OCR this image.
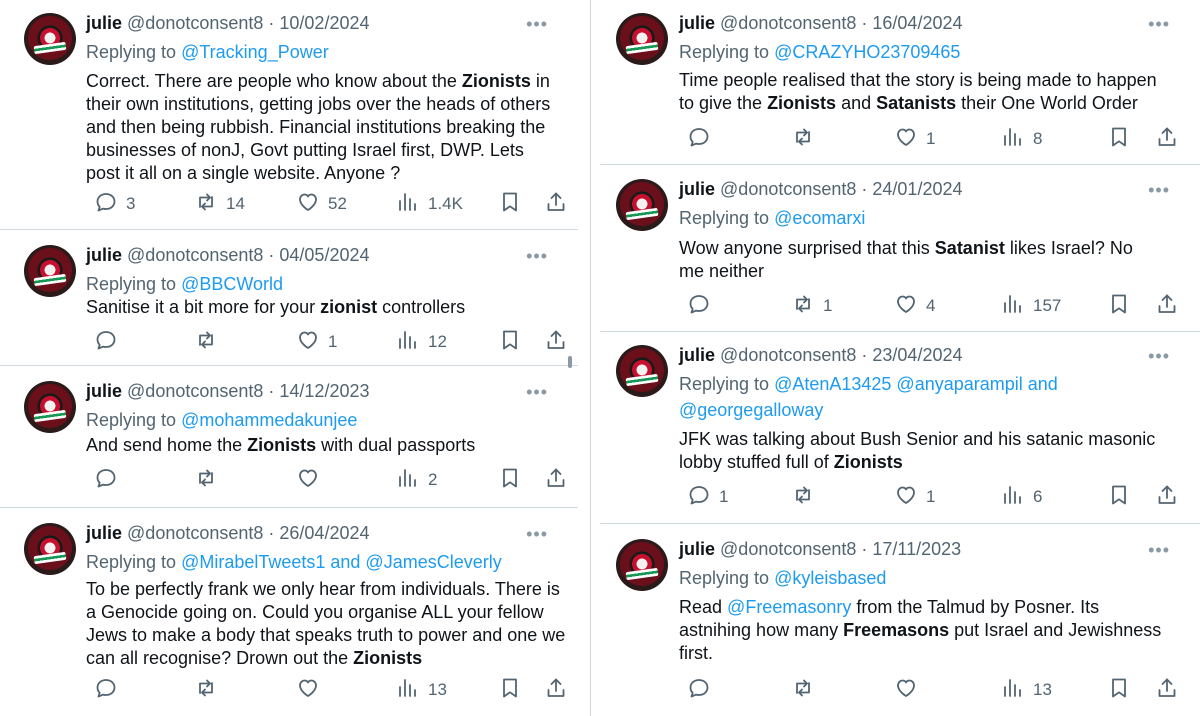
julie @donotconsent8 · 10/02/2024	•••
Replying to @Tracking_Power
Correct. There are people who know about the Zionists in
their own institutions, getting jobs over the heads of others
and then being rubbish. Financial institutions breaking the
businesses of nonJ, Govt putting Israel first, DWP. Lets
post it all on a single website. Anyone ?
3	14	52	1.4K
julie @donotconsent8 · 04/05/2024	•••
Replying to @BBCWorld
Sanitise it a bit more for your zionist controllers
1	12
julie @donotconsent8 · 14/12/2023	•••
Replying to @mohammedakunjee
And send home the Zionists with dual passports
2
julie @donotconsent8 · 26/04/2024	•••
Replying to @MirabelTweets1 and @JamesCleverly
To be perfectly frank we only hear from individuals. There is
a Genocide going on. Could you organise ALL your fellow
Jews to make a body that speaks truth to power and one we
can all recognise? Drown out the Zionists
13
julie @donotconsent8 · 16/04/2024	•••
Replying to @CRAZYHO23709465
Time people realised that the story is being made to happen
to give the Zionists and Satanists their One World Order
1	8
julie @donotconsent8 · 24/01/2024	•••
Replying to @ecomarxi
Wow anyone surprised that this Satanist likes Israel? No
me neither
1	4	157
julie @donotconsent8 · 23/04/2024	•••
Replying to @AtenA13425 @anyaparampil and
@georgegalloway
JFK was talking about Bush Senior and his satanic masonic
lobby stuffed full of Zionists
1	1	6
julie @donotconsent8 · 17/11/2023	•••
Replying to @kyleisbased
Read @Freemasonry from the Talmud by Posner. Its
astnihing how many Freemasons put Israel and Jewishness
first.
13
